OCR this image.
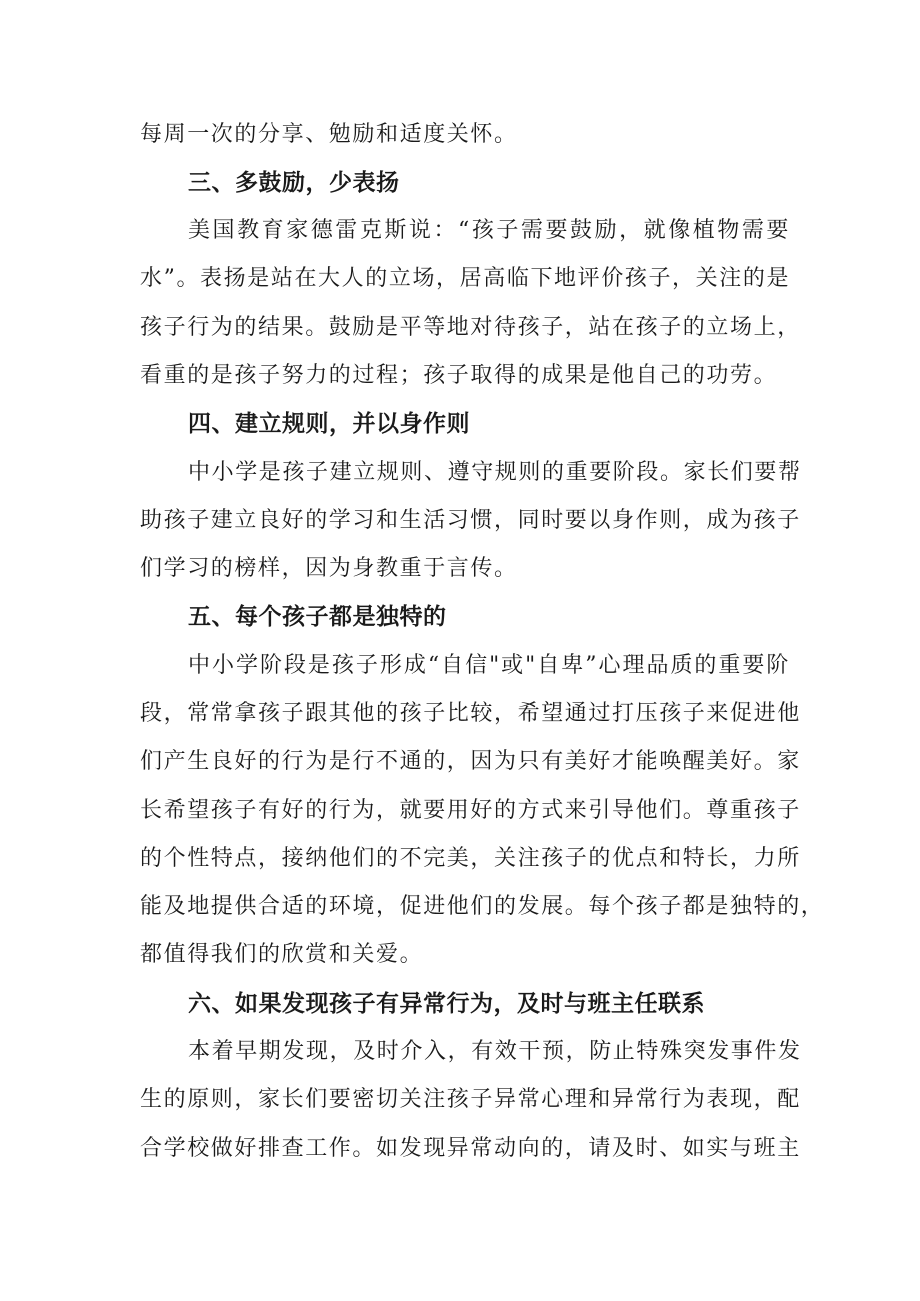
每周一次的分享、勉励和适度关怀。
三、多鼓励，少表扬
美国教育家德雷克斯说：“孩子需要鼓励，就像植物需要
水”。表扬是站在大人的立场，居高临下地评价孩子，关注的是
孩子行为的结果。鼓励是平等地对待孩子，站在孩子的立场上，
看重的是孩子努力的过程；孩子取得的成果是他自己的功劳。
四、建立规则，并以身作则
中小学是孩子建立规则、遵守规则的重要阶段。家长们要帮
助孩子建立良好的学习和生活习惯，同时要以身作则，成为孩子
们学习的榜样，因为身教重于言传。
五、每个孩子都是独特的
中小学阶段是孩子形成“自信"或"自卑”心理品质的重要阶
段，常常拿孩子跟其他的孩子比较，希望通过打压孩子来促进他
们产生良好的行为是行不通的，因为只有美好才能唤醒美好。家
长希望孩子有好的行为，就要用好的方式来引导他们。尊重孩子
的个性特点，接纳他们的不完美，关注孩子的优点和特长，力所
能及地提供合适的环境，促进他们的发展。每个孩子都是独特的，
都值得我们的欣赏和关爱。
六、如果发现孩子有异常行为，及时与班主任联系
本着早期发现，及时介入，有效干预，防止特殊突发事件发
生的原则，家长们要密切关注孩子异常心理和异常行为表现，配
合学校做好排查工作。如发现异常动向的，请及时、如实与班主
